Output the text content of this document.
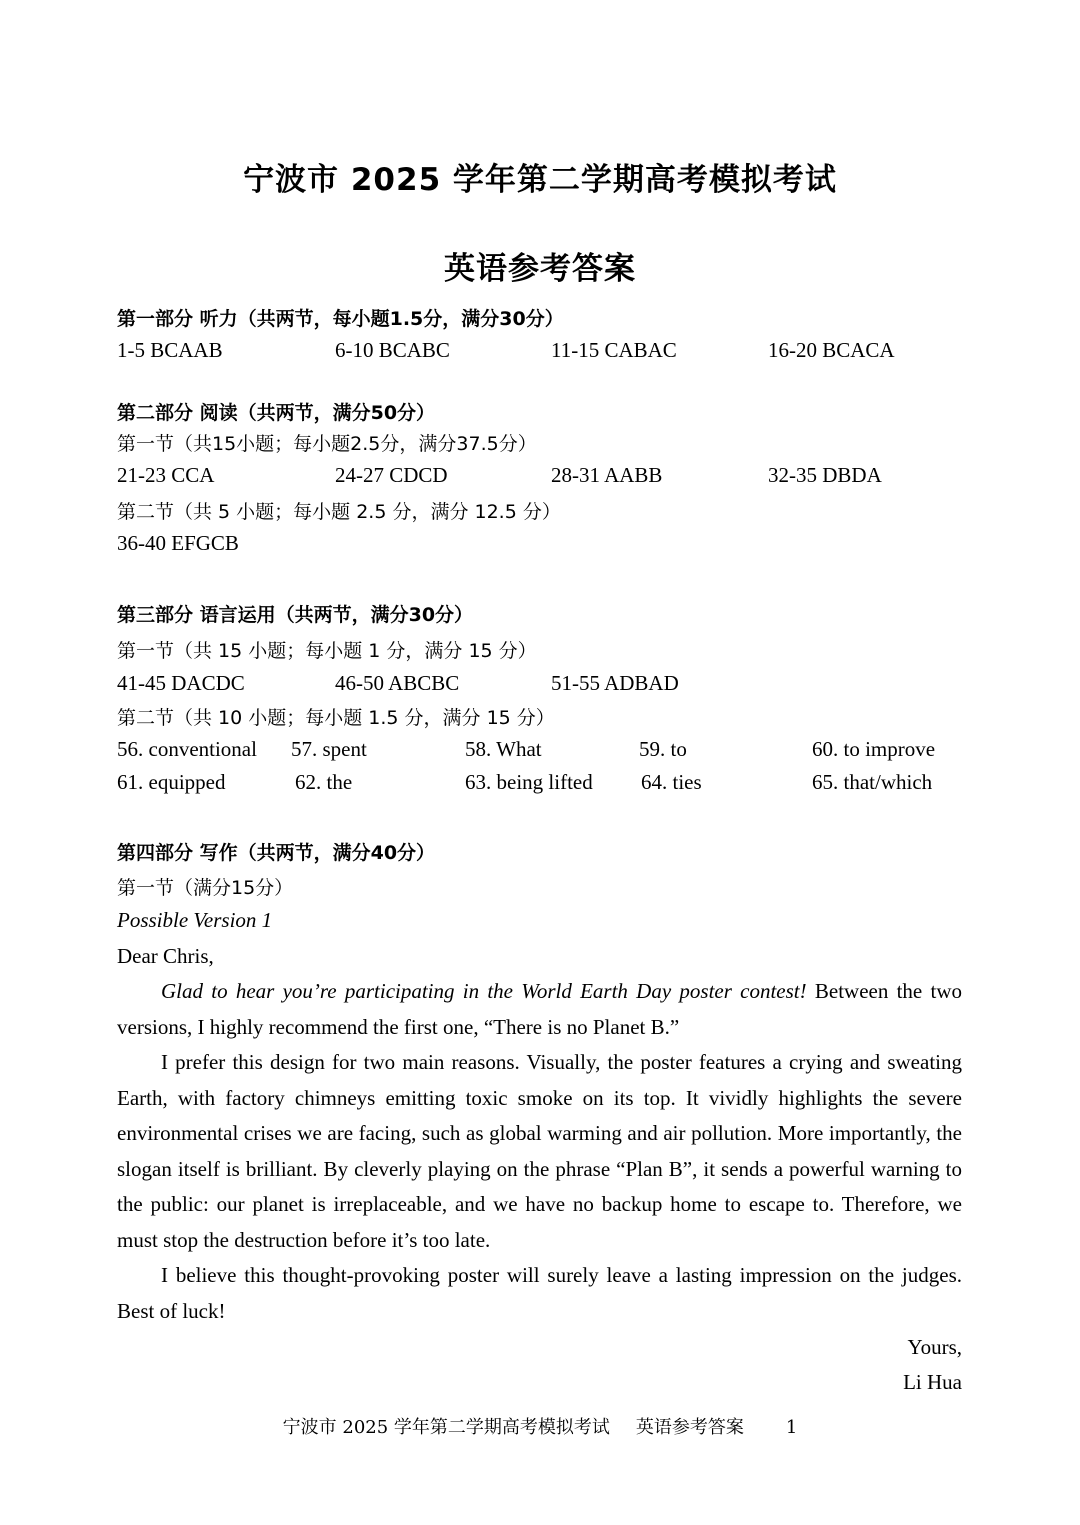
宁波市 2025 学年第二学期高考模拟考试
英语参考答案
第一部分 听力（共两节，每小题1.5分，满分30分）
1-5 BCAAB	6-10 BCABC	11-15 CABAC	16-20 BCACA
第二部分 阅读（共两节，满分50分）
第一节（共15小题；每小题2.5分，满分37.5分）
21-23 CCA	24-27 CDCD	28-31 AABB	32-35 DBDA
第二节（共 5 小题；每小题 2.5 分，满分 12.5 分）
36-40 EFGCB
第三部分 语言运用（共两节，满分30分）
第一节（共 15 小题；每小题 1 分，满分 15 分）
41-45 DACDC	46-50 ABCBC	51-55 ADBAD
第二节（共 10 小题；每小题 1.5 分，满分 15 分）
56. conventional 57. spent	58. What	59. to	60. to improve
61. equipped	62. the	63. being lifted 64. ties	65. that/which
第四部分 写作（共两节，满分40分）
第一节（满分15分）
Possible Version 1
Dear Chris,
Glad to hear you’re participating in the World Earth Day poster contest! Between the two versions, I highly recommend the first one, “There is no Planet B.”
I prefer this design for two main reasons. Visually, the poster features a crying and sweating Earth, with factory chimneys emitting toxic smoke on its top. It vividly highlights the severe environmental crises we are facing, such as global warming and air pollution. More importantly, the slogan itself is brilliant. By cleverly playing on the phrase “Plan B”, it sends a powerful warning to the public: our planet is irreplaceable, and we have no backup home to escape to. Therefore, we must stop the destruction before it’s too late.
I believe this thought-provoking poster will surely leave a lasting impression on the judges. Best of luck!
Yours,
Li Hua
宁波市 2025 学年第二学期高考模拟考试 英语参考答案 1
